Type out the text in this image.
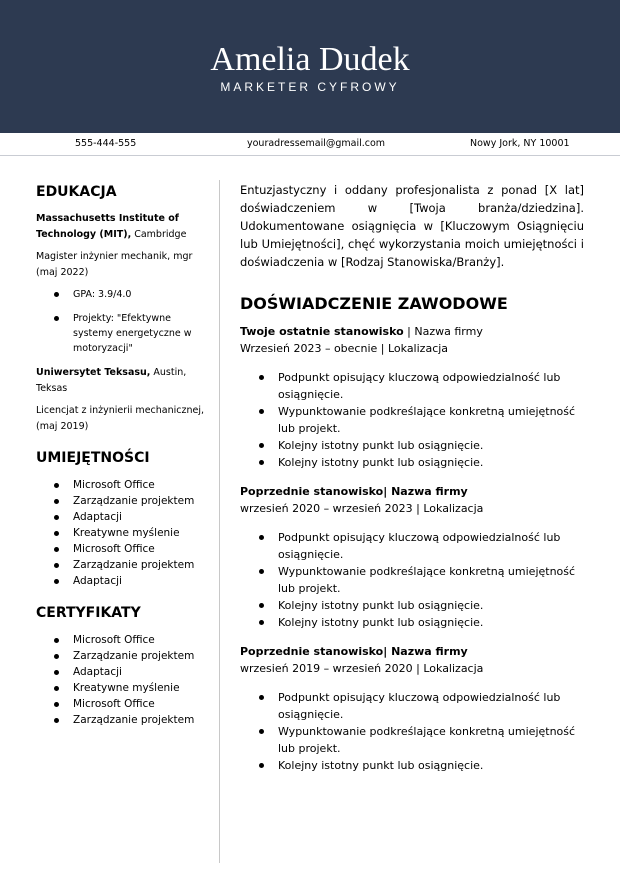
Amelia Dudek
MARKETER CYFROWY
555-444-555	youradressemail@gmail.com	Nowy Jork, NY 10001
EDUKACJA
Massachusetts Institute of Technology (MIT), Cambridge
Magister inżynier mechanik, mgr (maj 2022)
GPA: 3.9/4.0
Projekty: "Efektywne systemy energetyczne w motoryzacji"
Uniwersytet Teksasu, Austin, Teksas
Licencjat z inżynierii mechanicznej, (maj 2019)
UMIEJĘTNOŚCI
Microsoft Office
Zarządzanie projektem
Adaptacji
Kreatywne myślenie
Microsoft Office
Zarządzanie projektem
Adaptacji
CERTYFIKATY
Microsoft Office
Zarządzanie projektem
Adaptacji
Kreatywne myślenie
Microsoft Office
Zarządzanie projektem
Entuzjastyczny i oddany profesjonalista z ponad [X lat] doświadczeniem w [Twoja branża/dziedzina]. Udokumentowane osiągnięcia w [Kluczowym Osiągnięciu lub Umiejętności], chęć wykorzystania moich umiejętności i doświadczenia w [Rodzaj Stanowiska/Branży].
DOŚWIADCZENIE ZAWODOWE
Twoje ostatnie stanowisko | Nazwa firmy
Wrzesień 2023 – obecnie | Lokalizacja
Podpunkt opisujący kluczową odpowiedzialność lub osiągnięcie.
Wypunktowanie podkreślające konkretną umiejętność lub projekt.
Kolejny istotny punkt lub osiągnięcie.
Kolejny istotny punkt lub osiągnięcie.
Poprzednie stanowisko| Nazwa firmy
wrzesień 2020 – wrzesień 2023 | Lokalizacja
Podpunkt opisujący kluczową odpowiedzialność lub osiągnięcie.
Wypunktowanie podkreślające konkretną umiejętność lub projekt.
Kolejny istotny punkt lub osiągnięcie.
Kolejny istotny punkt lub osiągnięcie.
Poprzednie stanowisko| Nazwa firmy
wrzesień 2019 – wrzesień 2020 | Lokalizacja
Podpunkt opisujący kluczową odpowiedzialność lub osiągnięcie.
Wypunktowanie podkreślające konkretną umiejętność lub projekt.
Kolejny istotny punkt lub osiągnięcie.
